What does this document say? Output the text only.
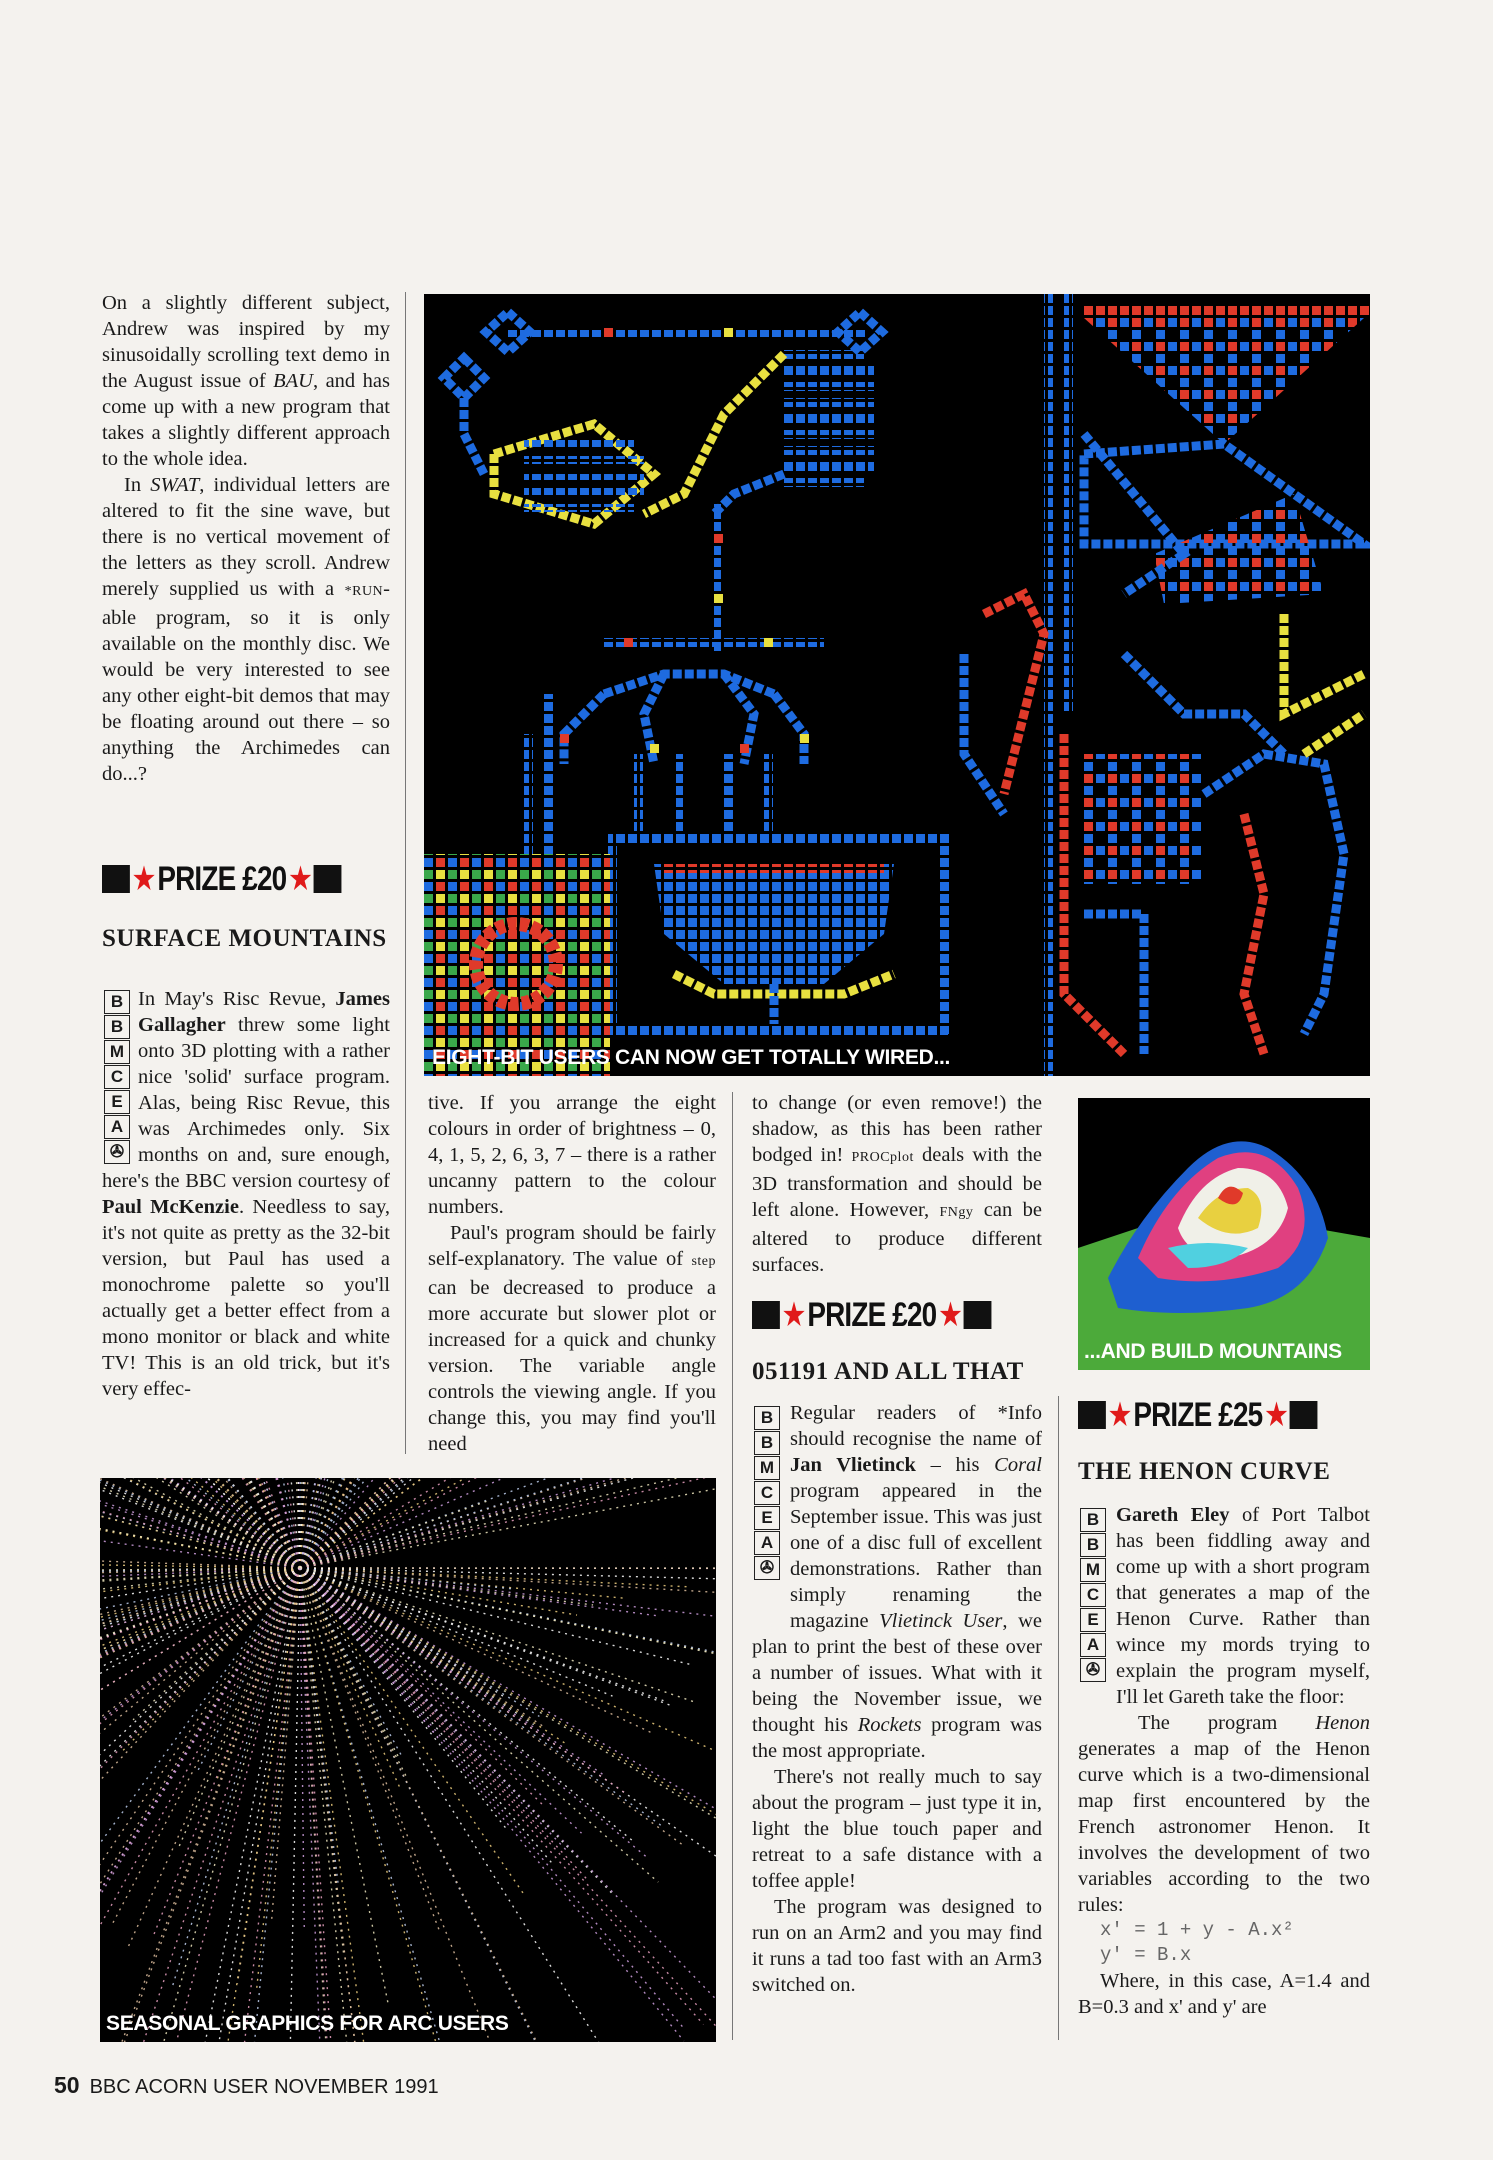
On a slightly different subject, Andrew was inspired by my sinusoidally scrolling text demo in the August issue of BAU, and has come up with a new program that takes a slightly different approach to the whole idea.

In SWAT, individual letters are altered to fit the sine wave, but there is no vertical movement of the letters as they scroll. Andrew merely supplied us with a *RUN-able program, so it is only available on the monthly disc. We would be very interested to see any other eight-bit demos that may be floating around out there – so anything the Archimedes can do...?

★ PRIZE £20 ★
SURFACE MOUNTAINS
B
B
M
C
E
A
✇

In May's Risc Revue, James Gallagher threw some light onto 3D plotting with a rather nice 'solid' surface program. Alas, being Risc Revue, this was Archimedes only. Six months on and, sure enough, here's the BBC version courtesy of Paul McKenzie. Needless to say, it's not quite as pretty as the 32-bit version, but Paul has used a monochrome palette so you'll actually get a better effect from a mono monitor or black and white TV! This is an old trick, but it's very effec-

EIGHT-BIT USERS CAN NOW GET TOTALLY WIRED...

tive. If you arrange the eight colours in order of brightness – 0, 4, 1, 5, 2, 6, 3, 7 – there is a rather uncanny pattern to the colour numbers.

Paul's program should be fairly self-explanatory. The value of step can be decreased to produce a more accurate but slower plot or increased for a quick and chunky version. The variable angle controls the viewing angle. If you change this, you may find you'll need

to change (or even remove!) the shadow, as this has been rather bodged in! PROCplot deals with the 3D transformation and should be left alone. However, FNgy can be altered to produce different surfaces.

★ PRIZE £20 ★
051191 AND ALL THAT
B
B
M
C
E
A
✇

Regular readers of *Info should recognise the name of Jan Vlietinck – his Coral program appeared in the September issue. This was just one of a disc full of excellent demonstrations. Rather than simply renaming the magazine Vlietinck User, we plan to print the best of these over a number of issues. What with it being the November issue, we thought his Rockets program was the most appropriate.

There's not really much to say about the program – just type it in, light the blue touch paper and retreat to a safe distance with a toffee apple!

The program was designed to run on an Arm2 and you may find it runs a tad too fast with an Arm3 switched on.

...AND BUILD MOUNTAINS
★ PRIZE £25 ★
THE HENON CURVE
B
B
M
C
E
A
✇

Gareth Eley of Port Talbot has been fiddling away and come up with a short program that generates a map of the Henon Curve. Rather than wince my mords trying to explain the program myself, I'll let Gareth take the floor:

The program Henon generates a map of the Henon curve which is a two-dimensional map first encountered by the French astronomer Henon. It involves the development of two variables according to the two rules:

x' = 1 + y - A.x²
y' = B.x

Where, in this case, A=1.4 and B=0.3 and x' and y' are

SEASONAL GRAPHICS FOR ARC USERS
50 BBC ACORN USER NOVEMBER 1991
